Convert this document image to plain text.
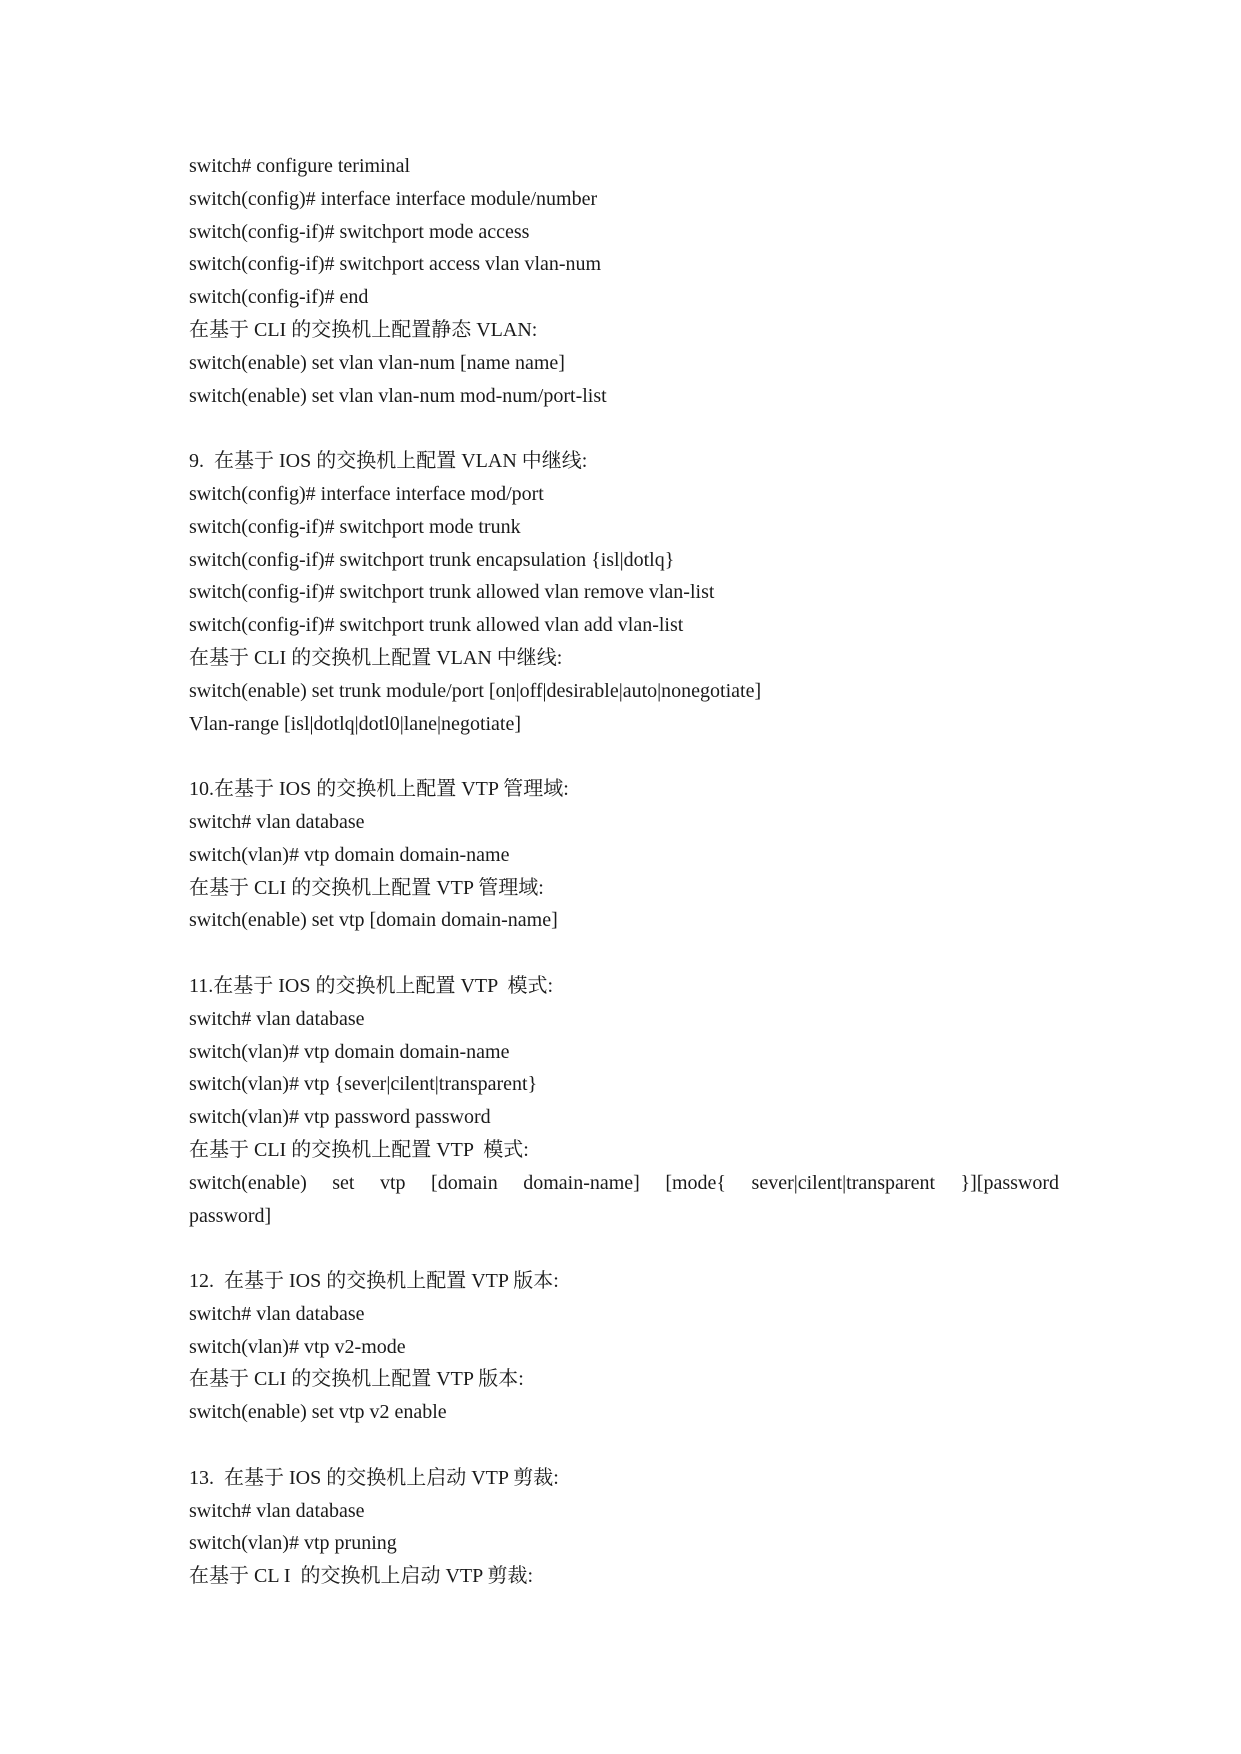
switch# configure teriminal
switch(config)# interface interface module/number
switch(config-if)# switchport mode access
switch(config-if)# switchport access vlan vlan-num
switch(config-if)# end
在基于 CLI 的交换机上配置静态 VLAN:
switch(enable) set vlan vlan-num [name name]
switch(enable) set vlan vlan-num mod-num/port-list
9.  在基于 IOS 的交换机上配置 VLAN 中继线:
switch(config)# interface interface mod/port
switch(config-if)# switchport mode trunk
switch(config-if)# switchport trunk encapsulation {isl|dotlq}
switch(config-if)# switchport trunk allowed vlan remove vlan-list
switch(config-if)# switchport trunk allowed vlan add vlan-list
在基于 CLI 的交换机上配置 VLAN 中继线:
switch(enable) set trunk module/port [on|off|desirable|auto|nonegotiate]
Vlan-range [isl|dotlq|dotl0|lane|negotiate]
10.在基于 IOS 的交换机上配置 VTP 管理域:
switch# vlan database
switch(vlan)# vtp domain domain-name
在基于 CLI 的交换机上配置 VTP 管理域:
switch(enable) set vtp [domain domain-name]
11.在基于 IOS 的交换机上配置 VTP  模式:
switch# vlan database
switch(vlan)# vtp domain domain-name
switch(vlan)# vtp {sever|cilent|transparent}
switch(vlan)# vtp password password
在基于 CLI 的交换机上配置 VTP  模式:
switch(enable) set vtp [domain domain-name] [mode{ sever|cilent|transparent }][password
password]
12.  在基于 IOS 的交换机上配置 VTP 版本:
switch# vlan database
switch(vlan)# vtp v2-mode
在基于 CLI 的交换机上配置 VTP 版本:
switch(enable) set vtp v2 enable
13.  在基于 IOS 的交换机上启动 VTP 剪裁:
switch# vlan database
switch(vlan)# vtp pruning
在基于 CL I  的交换机上启动 VTP 剪裁:
